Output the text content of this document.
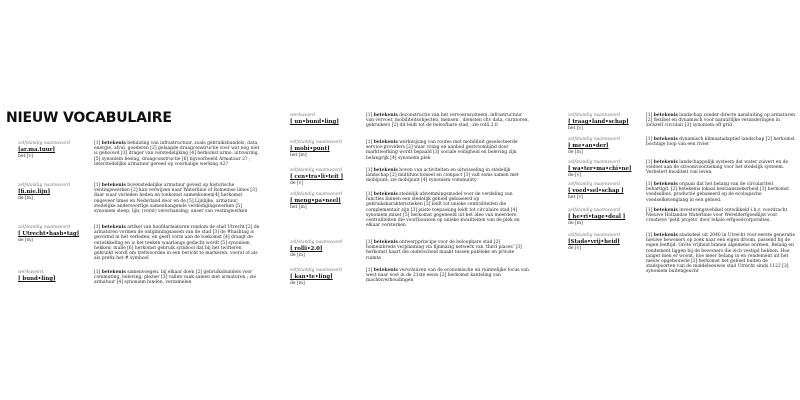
NIEUW VOCABULAIRE
zelfstandig naamwoord
[ar.ma.tuur]
het [v]
[1] betekenis behuizing van infrastructuur, zoals gebruiksbundels, data, energie, afval, goederen [2] gelaagde draagconstructie voor wat nog niet is gebouwd [3] drager van verstedelijking [4] herkomst armo. uitvouring, [5] synoniem beslag, draagconstructie [6] bijvoorbeeld Armatuur 2? ; interstedelijke armatuur gereed op voorbalige werking A2?
zelfstandig naamwoord
[fi.nie.lijn]
de [m]
[1] betekenis bovenstedelijke armatuur gevest op historische ventingswerken [2] kan verwijzen naar Waterlinie of Romeinse limes [3] daar waar verleden heden en toekomst samenkomen[4] herkomst ongeveer limes en Nederland door en de [5] Lijnlijke, armatuur, stedelijke andersoortige samenhangende verdedigingswerken [5] synoniem steep; lijn; (vorst) verschansing; unser van vestingwerken
zelfstandig naamwoord
[ Utrecht•hash•tag]
de [m]
[1] betekenis artikel van hoofdarmaturen rondom de stad Utrecht [2] de armaturen vormen de ontginningsassen van de stad [3] de #hashtag is gevormd in het verleden, en geeft vorm aan de toekomst [4] draagt de ontwikkeling en is het teeken waarlangs gedacht wordt [5] synoniem hekken; mulle [6] herkomst gebruik symbool dat bij het twitteren gebruikt wordt om trefwoorden in een bericht te markeren, vooral of als als prefix het # symbool
werkwoord
[ bund•ling]
[1] betekenis samenvoegen, bij elkaar doen [2] gebruiksbundels voor commuting, beleving, plezier [3] vallen vaak samen met armaturen ; zie armatuur [4] synoniem binden, verzamelen
werkwoord
[ un•bund•ling]
[1] betekenis deconstructie van het vervoerssysteem: infrastructuur van vervoer, mobiliteitsobjecten, mensen , diensten chv data, curatoren, gebruikers [2] dit leidt tot de beloofbare stad ; zie rolli 2.0
zelfstandig naamwoord
[ mobi•punt]
het [m]
[1] betekenis werkwijsing van routes met mobiliteit geselecteerde service-providers [2] waar vraag en aanbod gestroomlijnd door marktwerking wordt bepaald [3] sociale veiligheid en beleving zijn belangrijk [4] synoniem plek
zelfstandig naamwoord
[ cen•tra•li•teit ]
de [v]
[1] betekenis boven van activiteiten en uitwisseling in stedelijk landschap [2] multifunctioneel en compact [3] valt soms samen met mobipunt; zie mobipunt [4] synoniem community
zelfstandig naamwoord
[ meng•pa•neel]
het [m]
[1] betekenis stedelijk afstemmingsmodel voor de verdeling van functies binnen een stedelijk gebied gebaseerd op gebruikskarakteristieken [2] leidt tot unieke centraliteiten die complementair zijn [3] juiste toepassing leidt tot circulaire stad [4] synoniem mixer [5] herkomst gegeneeld uit het idee van meerdere centraliteiten die voortbouwen op unieke kwaliteiten van de plek en elkaar versterken
zelfstandig naamwoord
[ rolli•2.0]
de [m]
[1] betekenis ontwerpprincipe voor de beloopbare stad [2] homeinbrede verplanning via fijnmazig netwerk van 'third places' [3] herkomst kaart die onderscheid maakt tussen publieke en private ruimte
zelfstandig naamwoord
[ kan•te•ling]
de [m]
[1] betekenis verschuiven van de economische en ruimtelijke focus van west naar oost in de 21ste eeuw [2] herkomst kanteling van machtsverhoudingen
zelfstandig naamwoord
[ traag•land•schap]
het [v]
[1] betekenis landschap zonder directe aansluiting op armaturen [2] flexibel en dynamisch voor natuurlijke veranderingen in zichzelf circulair [3] synoniem off grid
zelfstandig naamwoord
[ me•an•der]
de [m]
[1] betekenis dynamisch klimaatadaptief landschap [2] herkomst bochtige loop van een rivier
zelfstandig naamwoord
[ wa•ter•ma•chi•ne]
de [v]
[1] betekenis landschappelijk systeem dat water zuivert en de voldoet aan de stroomvoorziening voor het stedelijk systeem. Verbetert kwaliteit van leven.
zelfstandig naamwoord
[ voed•sel•schap ]
het [v]
[1] betekenis orgaan dat het belang van de circulariteit behartigd. [2] betekenis lokaal bestaanszekerheid [3] herkomst voedselbos, productie gebaseerd op de ecologische voedselketenglang in een gebied.
zelfstandig naamwoord
[ he•ri•tage•deal ]
de [m]
[1] betekenis investeringsvehikel ontwikkeld i.h.v. voordracht Nieuwe Hollandse Waterlinie voor Werelderfgoedlijst voor creatieve 'petit projets' door lokale erfgoedcorporaties.
zelfstandig naamwoord
[Stads•vrij•heid]
de [v]
[1] betekenis stadsdeel uit 2040 in Utrecht voor eerste generatie nieuwe bewoners op zoek naar een eigen droom, passend bij de eigen leeftijd. Grote vrijheid binnen algemene normen. Belang en rendement liggen bij de bewoners die zich vestigd hebben. Hoe langer men er woont, hoe meer belang in en rendement uit het nieuw opgebouwde [2] herkomst het gebied buiten de stadspoorten van de middeleeuwse stad Utrecht sinds 1122 [3] synoniem buitengeucht
